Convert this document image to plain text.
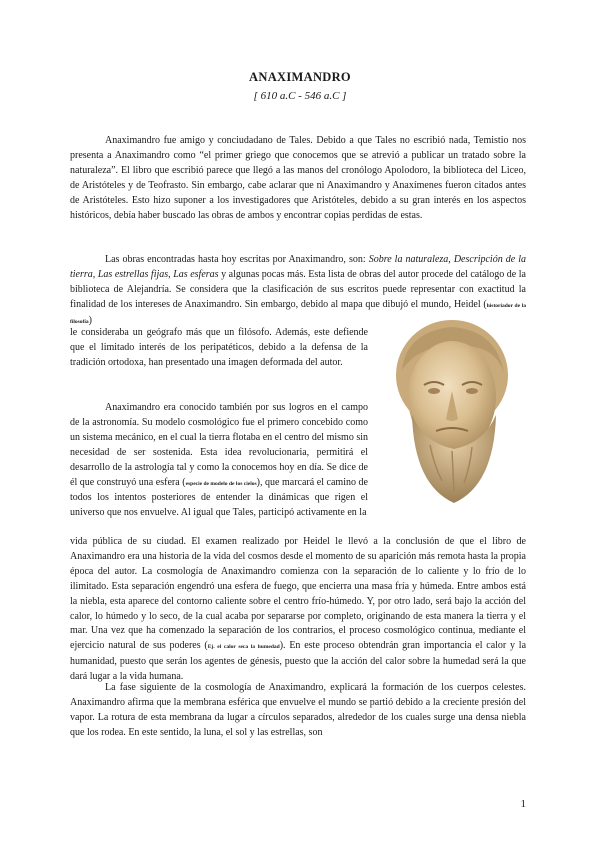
ANAXIMANDRO
[ 610 a.C - 546 a.C ]

Anaximandro fue amigo y conciudadano de Tales. Debido a que Tales no escribió nada, Temistio nos presenta a Anaximandro como “el primer griego que conocemos que se atrevió a publicar un tratado sobre la naturaleza”. El libro que escribió parece que llegó a las manos del cronólogo Apolodoro, la biblioteca del Liceo, de Aristóteles y de Teofrasto. Sin embargo, cabe aclarar que ni Anaximandro y Anaxímenes fueron citados antes de Aristóteles. Esto hizo suponer a los investigadores que Aristóteles, debido a su gran interés en los aspectos históricos, debía haber buscado las obras de ambos y encontrar copias perdidas de estas.

Las obras encontradas hasta hoy escritas por Anaximandro, son: Sobre la naturaleza, Descripción de la tierra, Las estrellas fijas, Las esferas y algunas pocas más. Esta lista de obras del autor procede del catálogo de la biblioteca de Alejandría. Se considera que la clasificación de sus escritos puede representar con exactitud la finalidad de los intereses de Anaximandro. Sin embargo, debido al mapa que dibujó el mundo, Heidel (historiador de la filosofía)

le consideraba un geógrafo más que un filósofo. Además, este defiende que el limitado interés de los peripatéticos, debido a la defensa de la tradición ortodoxa, han presentado una imagen deformada del autor.

Anaximandro era conocido también por sus logros en el campo de la astronomía. Su modelo cosmológico fue el primero concebido como un sistema mecánico, en el cual la tierra flotaba en el centro del mismo sin necesidad de ser sostenida. Esta idea revolucionaria, permitirá el desarrollo de la astrología tal y como la conocemos hoy en día. Se dice de él que construyó una esfera (especie de modelo de los cielos), que marcará el camino de todos los intentos posteriores de entender la dinámicas que rigen el universo que nos envuelve. Al igual que Tales, participó activamente en la

vida pública de su ciudad. El examen realizado por Heidel le llevó a la conclusión de que el libro de Anaximandro era una historia de la vida del cosmos desde el momento de su aparición más remota hasta la propia época del autor. La cosmología de Anaximandro comienza con la separación de lo caliente y lo frío de lo ilimitado. Esta separación engendró una esfera de fuego, que encierra una masa fría y húmeda. Entre ambos está la niebla, esta aparece del contorno caliente sobre el centro frío-húmedo. Y, por otro lado, será bajo la acción del calor, lo húmedo y lo seco, de la cual acaba por separarse por completo, originando de esta manera la tierra y el mar. Una vez que ha comenzado la separación de los contrarios, el proceso cosmológico continua, mediante el ejercicio natural de sus poderes (Ej. el calor seca la humedad). En este proceso obtendrán gran importancia el calor y la humanidad, puesto que serán los agentes de génesis, puesto que la acción del calor sobre la humedad será la que dará lugar a la vida humana.

La fase siguiente de la cosmología de Anaximandro, explicará la formación de los cuerpos celestes. Anaximandro afirma que la membrana esférica que envuelve el mundo se partió debido a la creciente presión del vapor. La rotura de esta membrana da lugar a círculos separados, alrededor de los cuales surge una densa niebla que los rodea. En este sentido, la luna, el sol y las estrellas, son

1
